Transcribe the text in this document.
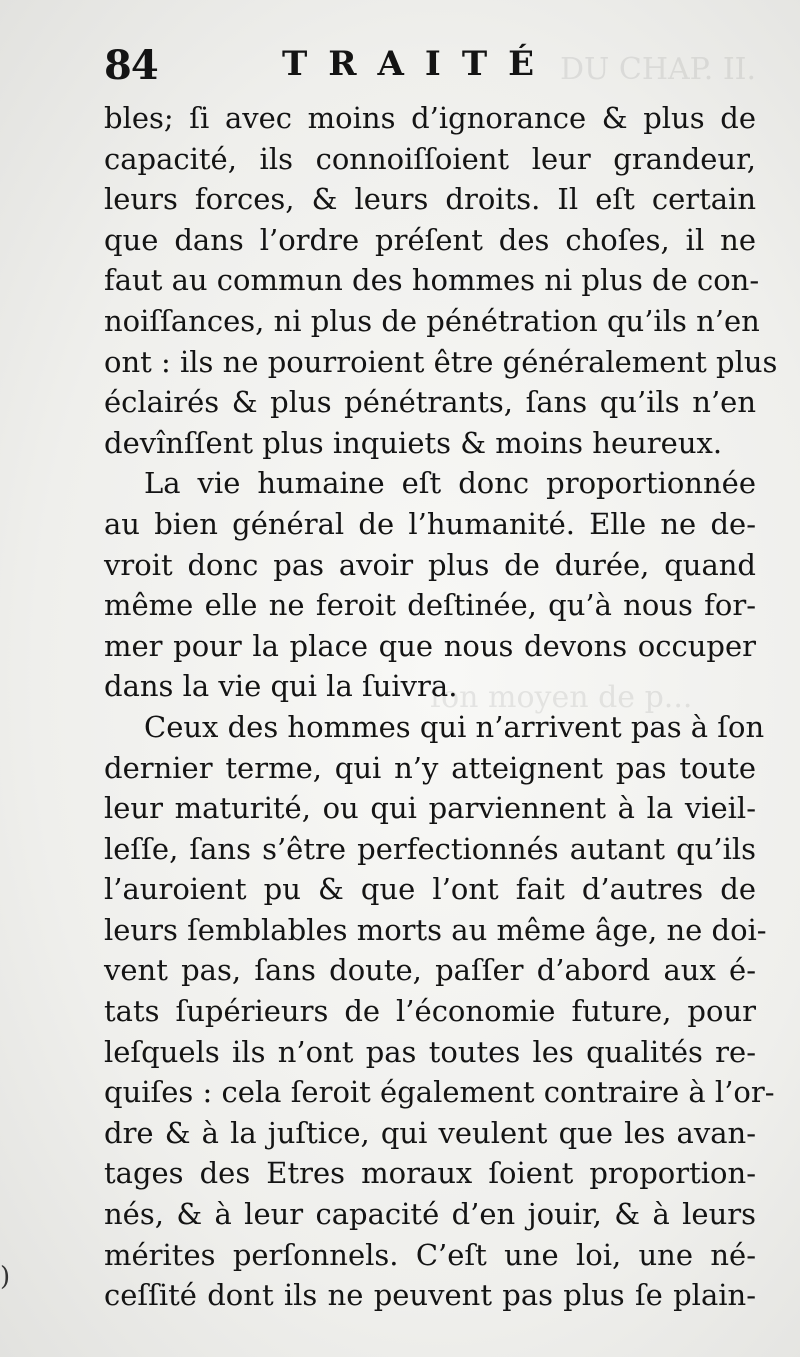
DU CHAP. II.
ſon moyen de p...
84	TRAITÉ
bles; ſi avec moins d’ignorance & plus de
capacité, ils connoiſſoient leur grandeur,
leurs forces, & leurs droits. Il eſt certain
que dans l’ordre préſent des choſes, il ne
faut au commun des hommes ni plus de con-
noiſſances, ni plus de pénétration qu’ils n’en
ont : ils ne pourroient être généralement plus
éclairés & plus pénétrants, ſans qu’ils n’en
devînſſent plus inquiets & moins heureux.
La vie humaine eſt donc proportionnée
au bien général de l’humanité. Elle ne de-
vroit donc pas avoir plus de durée, quand
même elle ne feroit deſtinée, qu’à nous for-
mer pour la place que nous devons occuper
dans la vie qui la ſuivra.
Ceux des hommes qui n’arrivent pas à ſon
dernier terme, qui n’y atteignent pas toute
leur maturité, ou qui parviennent à la vieil-
leſſe, ſans s’être perfectionnés autant qu’ils
l’auroient pu & que l’ont fait d’autres de
leurs ſemblables morts au même âge, ne doi-
vent pas, ſans doute, paſſer d’abord aux é-
tats ſupérieurs de l’économie future, pour
leſquels ils n’ont pas toutes les qualités re-
quiſes : cela ſeroit également contraire à l’or-
dre & à la juſtice, qui veulent que les avan-
tages des Etres moraux ſoient proportion-
nés, & à leur capacité d’en jouir, & à leurs
mérites perſonnels. C’eſt une loi, une né-
ceſſité dont ils ne peuvent pas plus ſe plain-
)
